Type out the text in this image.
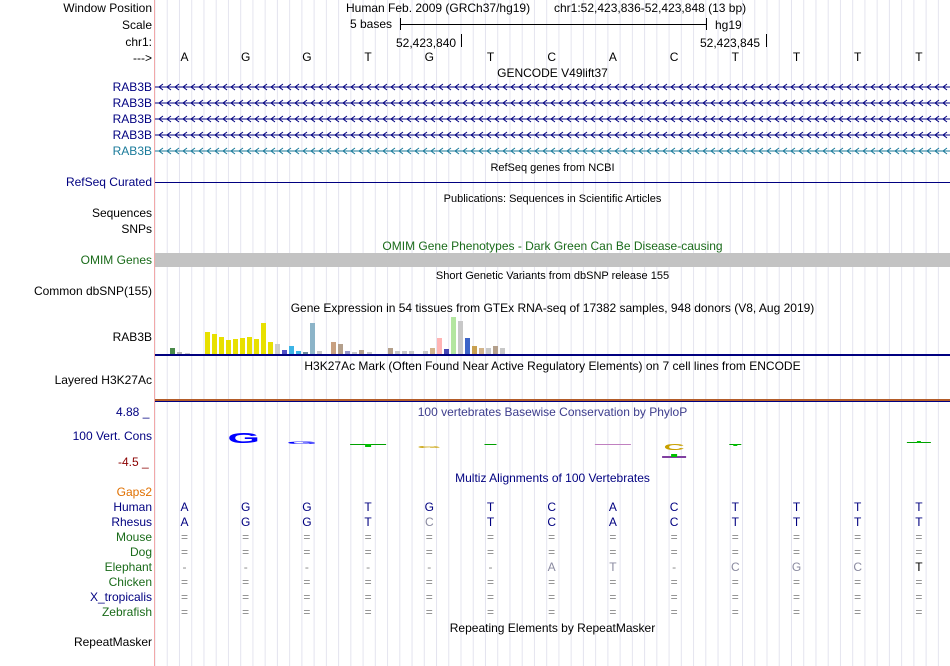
Window Position	Human Feb. 2009 (GRCh37/hg19) chr1:52,423,836-52,423,848 (13 bp)
Scale	5 bases	hg19
chr1:	52,423,840	52,423,845
--->	A	G	G	T	G	T	C	A	C	T	T	T	T
GENCODE V49lift37
RAB3B
RAB3B
RAB3B
RAB3B
RAB3B
RefSeq genes from NCBI
RefSeq Curated
Publications: Sequences in Scientific Articles
Sequences
SNPs
OMIM Gene Phenotypes - Dark Green Can Be Disease-causing
OMIM Genes
Short Genetic Variants from dbSNP release 155
Common dbSNP(155)
Gene Expression in 54 tissues from GTEx RNA-seq of 17382 samples, 948 donors (V8, Aug 2019)
RAB3B
H3K27Ac Mark (Often Found Near Active Regulatory Elements) on 7 cell lines from ENCODE
Layered H3K27Ac
100 vertebrates Basewise Conservation by PhyloP
4.88 _
100 Vert. Cons
-4.5 _
G G
G	C
Multiz Alignments of 100 Vertebrates
Gaps2
Human	A	G	G	T	G	T	C	A	C	T	T	T	T
Rhesus	A	G	G	T	C	T	C	A	C	T	T	T	T
Mouse	=	=	=	=	=	=	=	=	=	=	=	=	=
Dog	=	=	=	=	=	=	=	=	=	=	=	=	=
Elephant	-	-	-	-	-	-	A	T	-	C	G	C	T
Chicken	=	=	=	=	=	=	=	=	=	=	=	=	=
X_tropicalis	=	=	=	=	=	=	=	=	=	=	=	=	=
Zebrafish	=	=	=	=	=	=	=	=	=	=	=	=	=
Repeating Elements by RepeatMasker
RepeatMasker
